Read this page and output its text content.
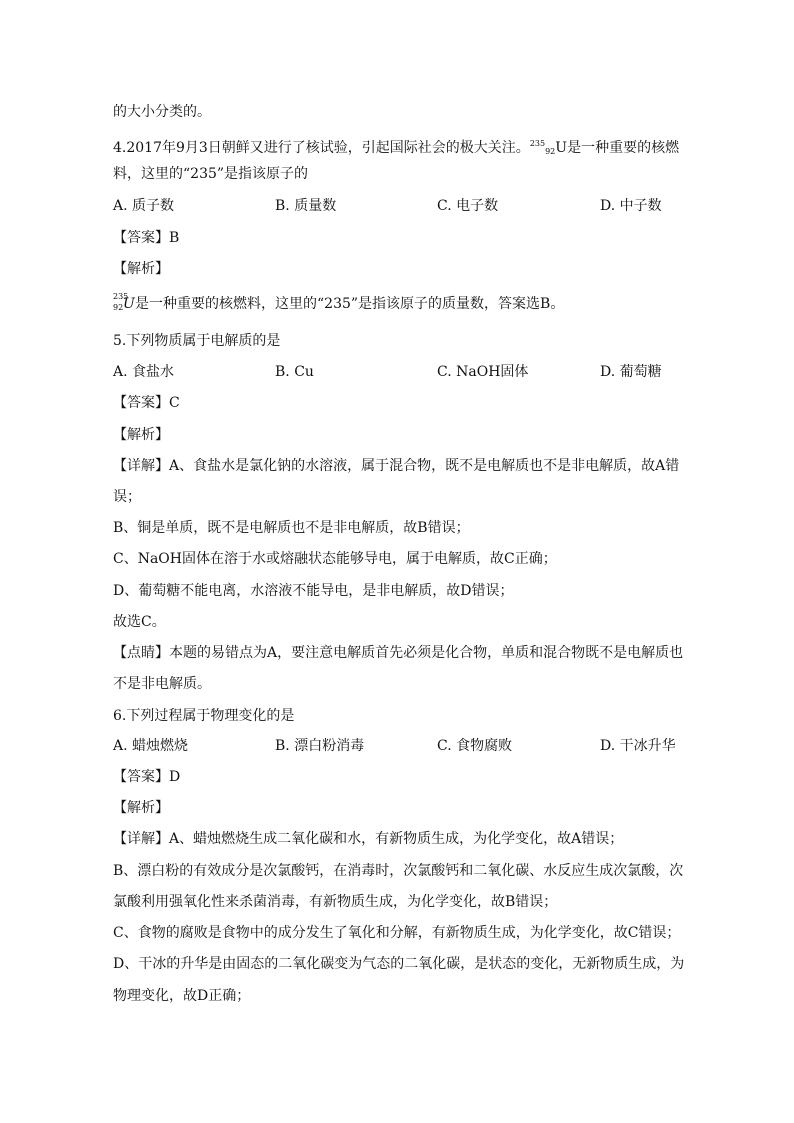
的大小分类的。
4.2017年9月3日朝鲜又进行了核试验，引起国际社会的极大关注。$^{235}$92U是一种重要的核燃
料，这里的“235”是指该原子的
A. 质子数	B. 质量数	C. 电子数	D. 中子数
【答案】B
【解析】
235
92 U 是一种重要的核燃料，这里的“235”是指该原子的质量数，答案选B。
5.下列物质属于电解质的是
A. 食盐水	B. Cu	C. NaOH固体	D. 葡萄糖
【答案】C
【解析】
【详解】A、食盐水是氯化钠的水溶液，属于混合物，既不是电解质也不是非电解质，故A错
误；
B、铜是单质，既不是电解质也不是非电解质，故B错误；
C、NaOH固体在溶于水或熔融状态能够导电，属于电解质，故C正确；
D、葡萄糖不能电离，水溶液不能导电，是非电解质，故D错误；
故选C。
【点睛】本题的易错点为A，要注意电解质首先必须是化合物，单质和混合物既不是电解质也
不是非电解质。
6.下列过程属于物理变化的是
A. 蜡烛燃烧	B. 漂白粉消毒	C. 食物腐败	D. 干冰升华
【答案】D
【解析】
【详解】A、蜡烛燃烧生成二氧化碳和水，有新物质生成，为化学变化，故A错误；
B、漂白粉的有效成分是次氯酸钙，在消毒时，次氯酸钙和二氧化碳、水反应生成次氯酸，次
氯酸利用强氧化性来杀菌消毒，有新物质生成，为化学变化，故B错误；
C、食物的腐败是食物中的成分发生了氧化和分解，有新物质生成，为化学变化，故C错误；
D、干冰的升华是由固态的二氧化碳变为气态的二氧化碳，是状态的变化，无新物质生成，为
物理变化，故D正确；
